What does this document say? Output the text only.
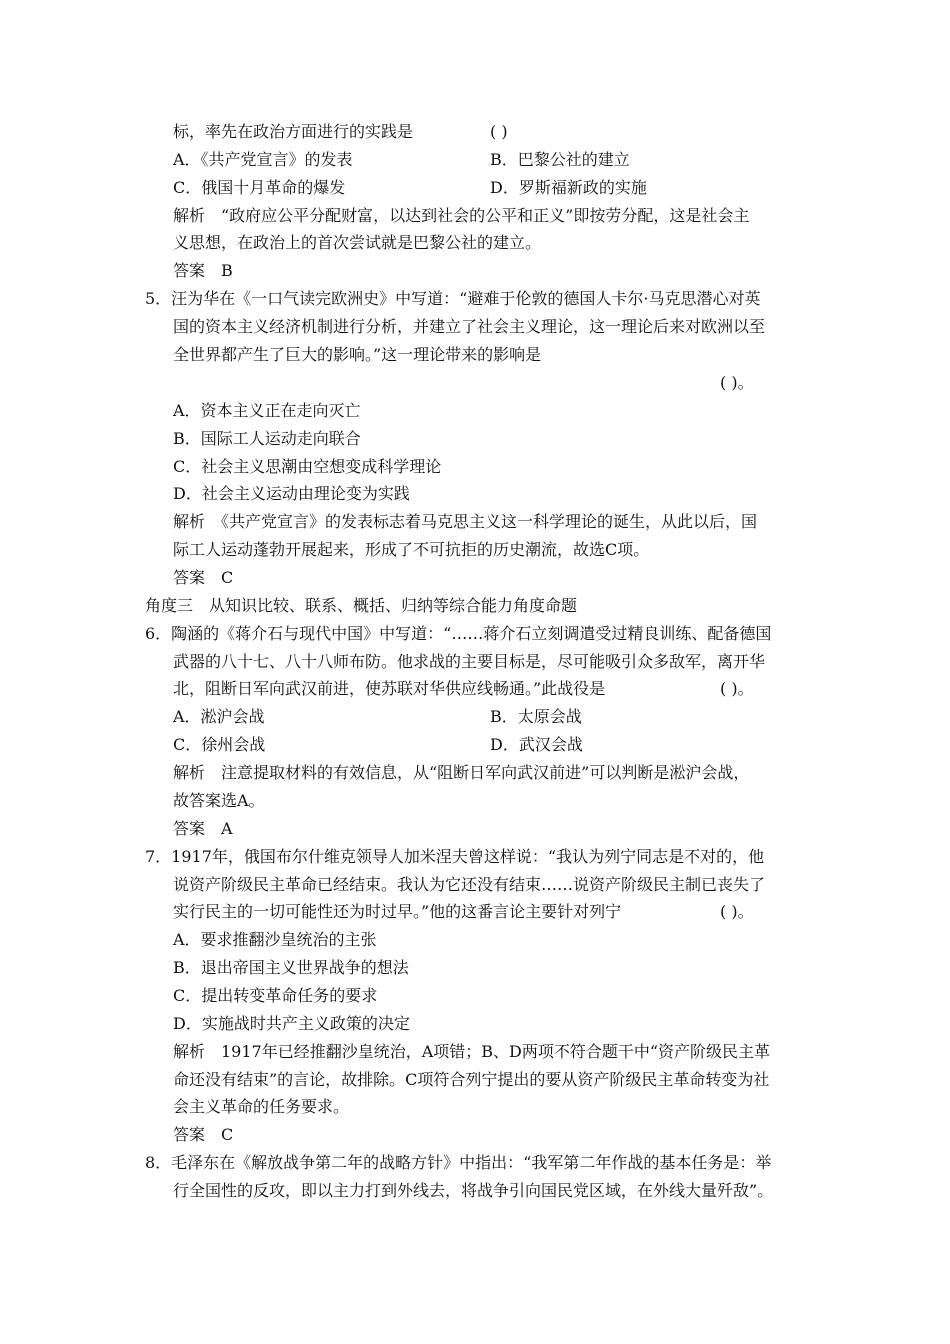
标，率先在政治方面进行的实践是	( )
A．《共产党宣言》的发表	B．巴黎公社的建立
C．俄国十月革命的爆发	D．罗斯福新政的实施
解析　“政府应公平分配财富，以达到社会的公平和正义”即按劳分配，这是社会主
义思想，在政治上的首次尝试就是巴黎公社的建立。
答案　B
5．汪为华在《一口气读完欧洲史》中写道：“避难于伦敦的德国人卡尔·马克思潜心对英
国的资本主义经济机制进行分析，并建立了社会主义理论，这一理论后来对欧洲以至
全世界都产生了巨大的影响。”这一理论带来的影响是
( )。
A．资本主义正在走向灭亡
B．国际工人运动走向联合
C．社会主义思潮由空想变成科学理论
D．社会主义运动由理论变为实践
解析　《共产党宣言》的发表标志着马克思主义这一科学理论的诞生，从此以后，国
际工人运动蓬勃开展起来，形成了不可抗拒的历史潮流，故选C项。
答案　C
角度三　从知识比较、联系、概括、归纳等综合能力角度命题
6．陶涵的《蒋介石与现代中国》中写道：“……蒋介石立刻调遣受过精良训练、配备德国
武器的八十七、八十八师布防。他求战的主要目标是，尽可能吸引众多敌军，离开华
北，阻断日军向武汉前进，使苏联对华供应线畅通。”此战役是	( )。
A．淞沪会战	B．太原会战
C．徐州会战	D．武汉会战
解析　注意提取材料的有效信息，从“阻断日军向武汉前进”可以判断是淞沪会战，
故答案选A。
答案　A
7．1917年，俄国布尔什维克领导人加米涅夫曾这样说：“我认为列宁同志是不对的，他
说资产阶级民主革命已经结束。我认为它还没有结束……说资产阶级民主制已丧失了
实行民主的一切可能性还为时过早。”他的这番言论主要针对列宁	( )。
A．要求推翻沙皇统治的主张
B．退出帝国主义世界战争的想法
C．提出转变革命任务的要求
D．实施战时共产主义政策的决定
解析　1917年已经推翻沙皇统治，A项错；B、D两项不符合题干中“资产阶级民主革
命还没有结束”的言论，故排除。C项符合列宁提出的要从资产阶级民主革命转变为社
会主义革命的任务要求。
答案　C
8．毛泽东在《解放战争第二年的战略方针》中指出：“我军第二年作战的基本任务是：举
行全国性的反攻，即以主力打到外线去，将战争引向国民党区域，在外线大量歼敌”。
